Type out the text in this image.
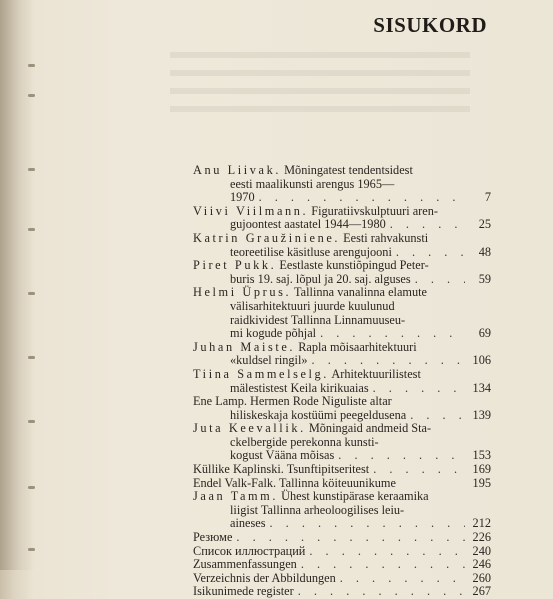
SISUKORD
Anu Liivak. Mõningatest tendentsidest
eesti maalikunsti arengus 1965—
1970 . . .	7
Viivi Viilmann. Figuratiivskulptuuri aren-
gujoontest aastatel 1944—1980 . . .	25
Katrin Graužiniene. Eesti rahvakunsti
teoreetilise käsitluse arengujooni . . .	48
Piret Pukk. Eestlaste kunstiõpingud Peter-
buris 19. saj. lõpul ja 20. saj. alguses . . .	59
Helmi Üprus. Tallinna vanalinna elamute
välisarhitektuuri juurde kuulunud
raidkividest Tallinna Linnamuuseu-
mi kogude põhjal . . .	69
Juhan Maiste. Rapla mõisaarhitektuuri
«kuldsel ringil» . . .	106
Tiina Sammelselg. Arhitektuurilistest
mälestistest Keila kirikuaias . . .	134
Ene Lamp. Hermen Rode Niguliste altar
hiliskeskaja kostüümi peegeldusena . . .	139
Juta Keevallik. Mõningaid andmeid Sta-
ckelbergide perekonna kunsti-
kogust Vääna mõisas . . .	153
Küllike Kaplinski. Tsunftipitseritest . . .	169
Endel Valk-Falk. Tallinna köiteuunikume	195
Jaan Tamm. Ühest kunstipärase keraamika
liigist Tallinna arheoloogilises leiu-
aineses . . .	212
Резюме . . .	226
Список иллюстраций . . .	240
Zusammenfassungen . . .	246
Verzeichnis der Abbildungen . . .	260
Isikunimede register . . .	267
